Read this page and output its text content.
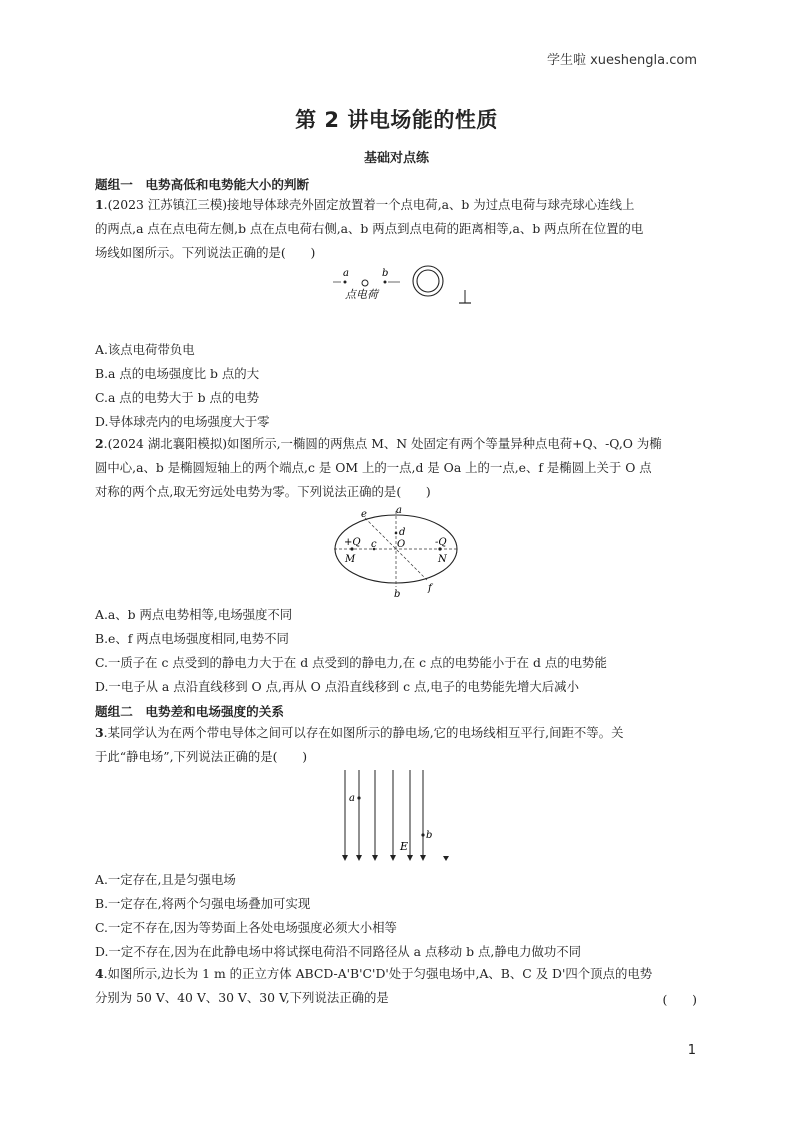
学生啦 xueshengla.com
第 2 讲电场能的性质
基础对点练
题组一　电势高低和电势能大小的判断
1.(2023 江苏镇江三模)接地导体球壳外固定放置着一个点电荷,a、b 为过点电荷与球壳球心连线上
的两点,a 点在点电荷左侧,b 点在点电荷右侧,a、b 两点到点电荷的距离相等,a、b 两点所在位置的电
场线如图所示。下列说法正确的是(　　)
a	b
点电荷
A.该点电荷带负电
B.a 点的电场强度比 b 点的大
C.a 点的电势大于 b 点的电势
D.导体球壳内的电场强度大于零
2.(2024 湖北襄阳模拟)如图所示,一椭圆的两焦点 M、N 处固定有两个等量异种点电荷+Q、-Q,O 为椭
圆中心,a、b 是椭圆短轴上的两个端点,c 是 OM 上的一点,d 是 Oa 上的一点,e、f 是椭圆上关于 O 点
对称的两个点,取无穷远处电势为零。下列说法正确的是(　　)
a
b
c
d
e
f
O
+Q	-Q
M	N
A.a、b 两点电势相等,电场强度不同
B.e、f 两点电场强度相同,电势不同
C.一质子在 c 点受到的静电力大于在 d 点受到的静电力,在 c 点的电势能小于在 d 点的电势能
D.一电子从 a 点沿直线移到 O 点,再从 O 点沿直线移到 c 点,电子的电势能先增大后减小
题组二　电势差和电场强度的关系
3.某同学认为在两个带电导体之间可以存在如图所示的静电场,它的电场线相互平行,间距不等。关
于此“静电场”,下列说法正确的是(　　)
a
b
E
A.一定存在,且是匀强电场
B.一定存在,将两个匀强电场叠加可实现
C.一定不存在,因为等势面上各处电场强度必须大小相等
D.一定不存在,因为在此静电场中将试探电荷沿不同路径从 a 点移动 b 点,静电力做功不同
4.如图所示,边长为 1 m 的正立方体 ABCD-A'B'C'D'处于匀强电场中,A、B、C 及 D'四个顶点的电势
分别为 50 V、40 V、30 V、30 V,下列说法正确的是	(　　)
1
